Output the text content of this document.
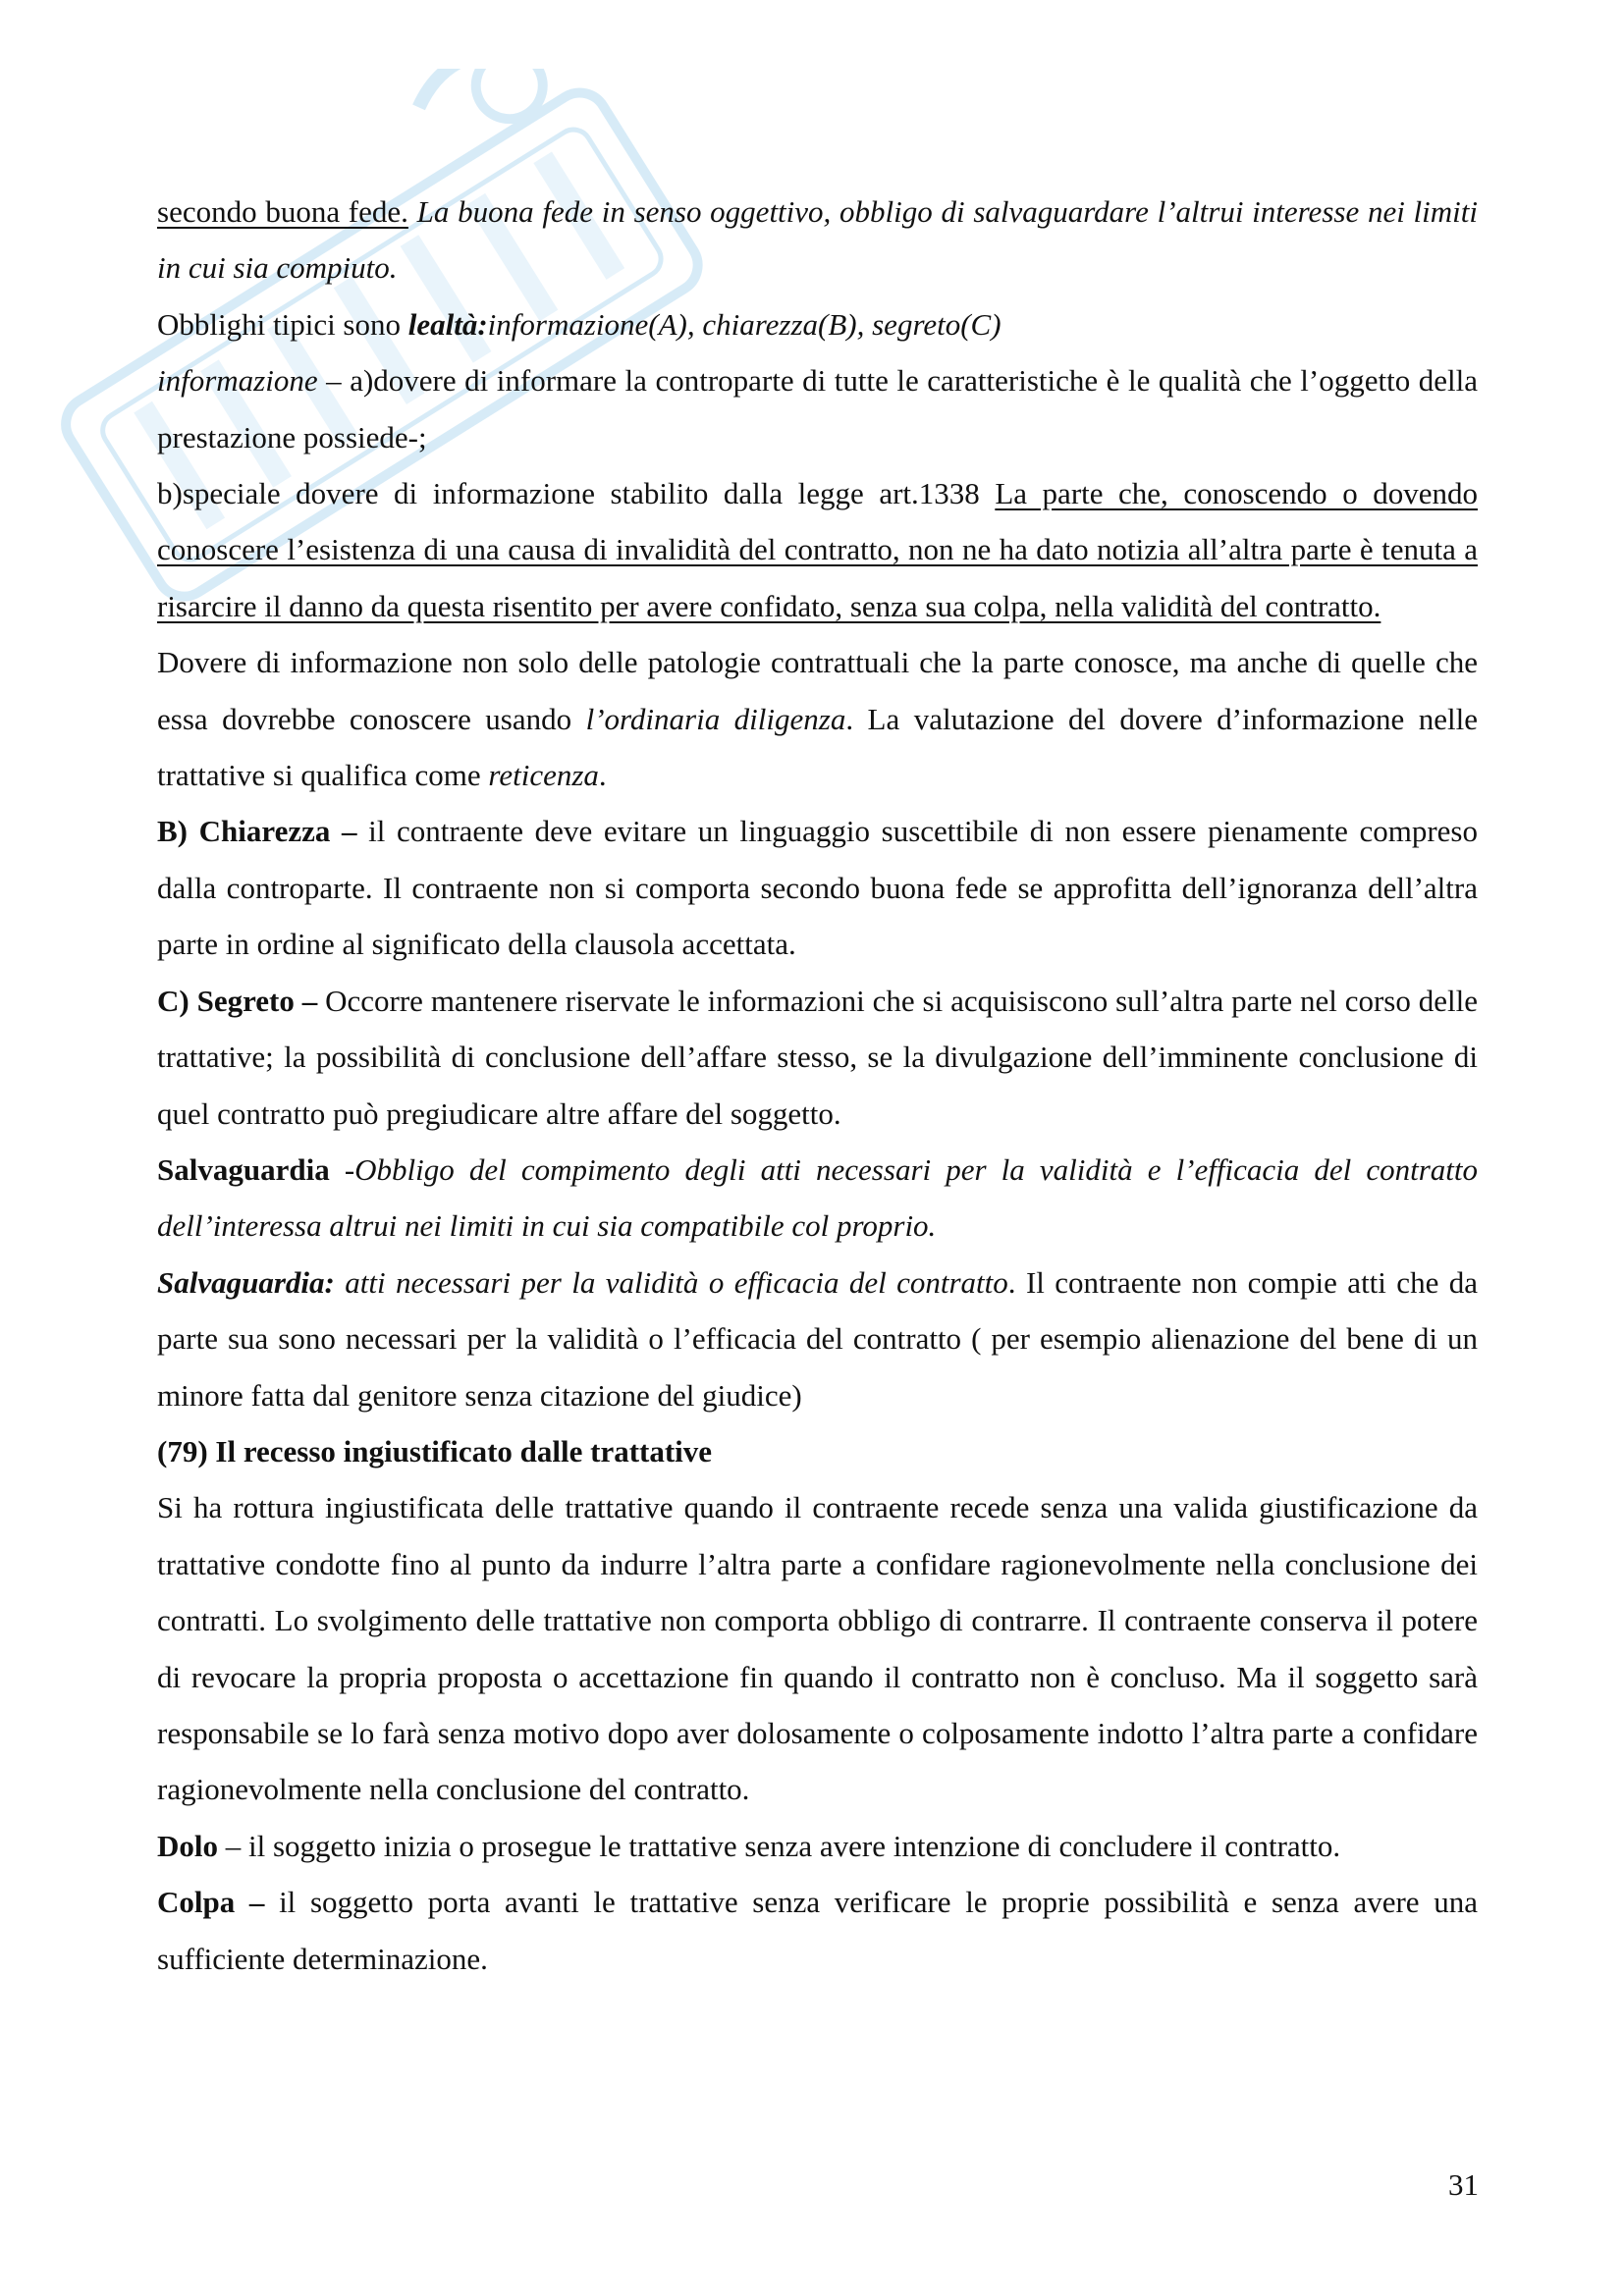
secondo buona fede. La buona fede in senso oggettivo, obbligo di salvaguardare l’altrui interesse nei limiti in cui sia compiuto.

Obblighi tipici sono lealtà:informazione(A), chiarezza(B), segreto(C)

informazione – a)dovere di informare la controparte di tutte le caratteristiche è le qualità che l’oggetto della prestazione possiede-;

b)speciale dovere di informazione stabilito dalla legge art.1338 La parte che, conoscendo o dovendo conoscere l’esistenza di una causa di invalidità del contratto, non ne ha dato notizia all’altra parte è tenuta a risarcire il danno da questa risentito per avere confidato, senza sua colpa, nella validità del contratto.

Dovere di informazione non solo delle patologie contrattuali che la parte conosce, ma anche di quelle che essa dovrebbe conoscere usando l’ordinaria diligenza. La valutazione del dovere d’informazione nelle trattative si qualifica come reticenza.

B) Chiarezza – il contraente deve evitare un linguaggio suscettibile di non essere pienamente compreso dalla controparte. Il contraente non si comporta secondo buona fede se approfitta dell’ignoranza dell’altra parte in ordine al significato della clausola accettata.

C) Segreto – Occorre mantenere riservate le informazioni che si acquisiscono sull’altra parte nel corso delle trattative; la possibilità di conclusione dell’affare stesso, se la divulgazione dell’imminente conclusione di quel contratto può pregiudicare altre affare del soggetto.

Salvaguardia -Obbligo del compimento degli atti necessari per la validità e l’efficacia del contratto dell’interessa altrui nei limiti in cui sia compatibile col proprio.

Salvaguardia: atti necessari per la validità o efficacia del contratto. Il contraente non compie atti che da parte sua sono necessari per la validità o l’efficacia del contratto ( per esempio alienazione del bene di un minore fatta dal genitore senza citazione del giudice)

(79) Il recesso ingiustificato dalle trattative

Si ha rottura ingiustificata delle trattative quando il contraente recede senza una valida giustificazione da trattative condotte fino al punto da indurre l’altra parte a confidare ragionevolmente nella conclusione dei contratti. Lo svolgimento delle trattative non comporta obbligo di contrarre. Il contraente conserva il potere di revocare la propria proposta o accettazione fin quando il contratto non è concluso. Ma il soggetto sarà responsabile se lo farà senza motivo dopo aver dolosamente o colposamente indotto l’altra parte a confidare ragionevolmente nella conclusione del contratto.

Dolo – il soggetto inizia o prosegue le trattative senza avere intenzione di concludere il contratto.

Colpa – il soggetto porta avanti le trattative senza verificare le proprie possibilità e senza avere una sufficiente determinazione.

31
